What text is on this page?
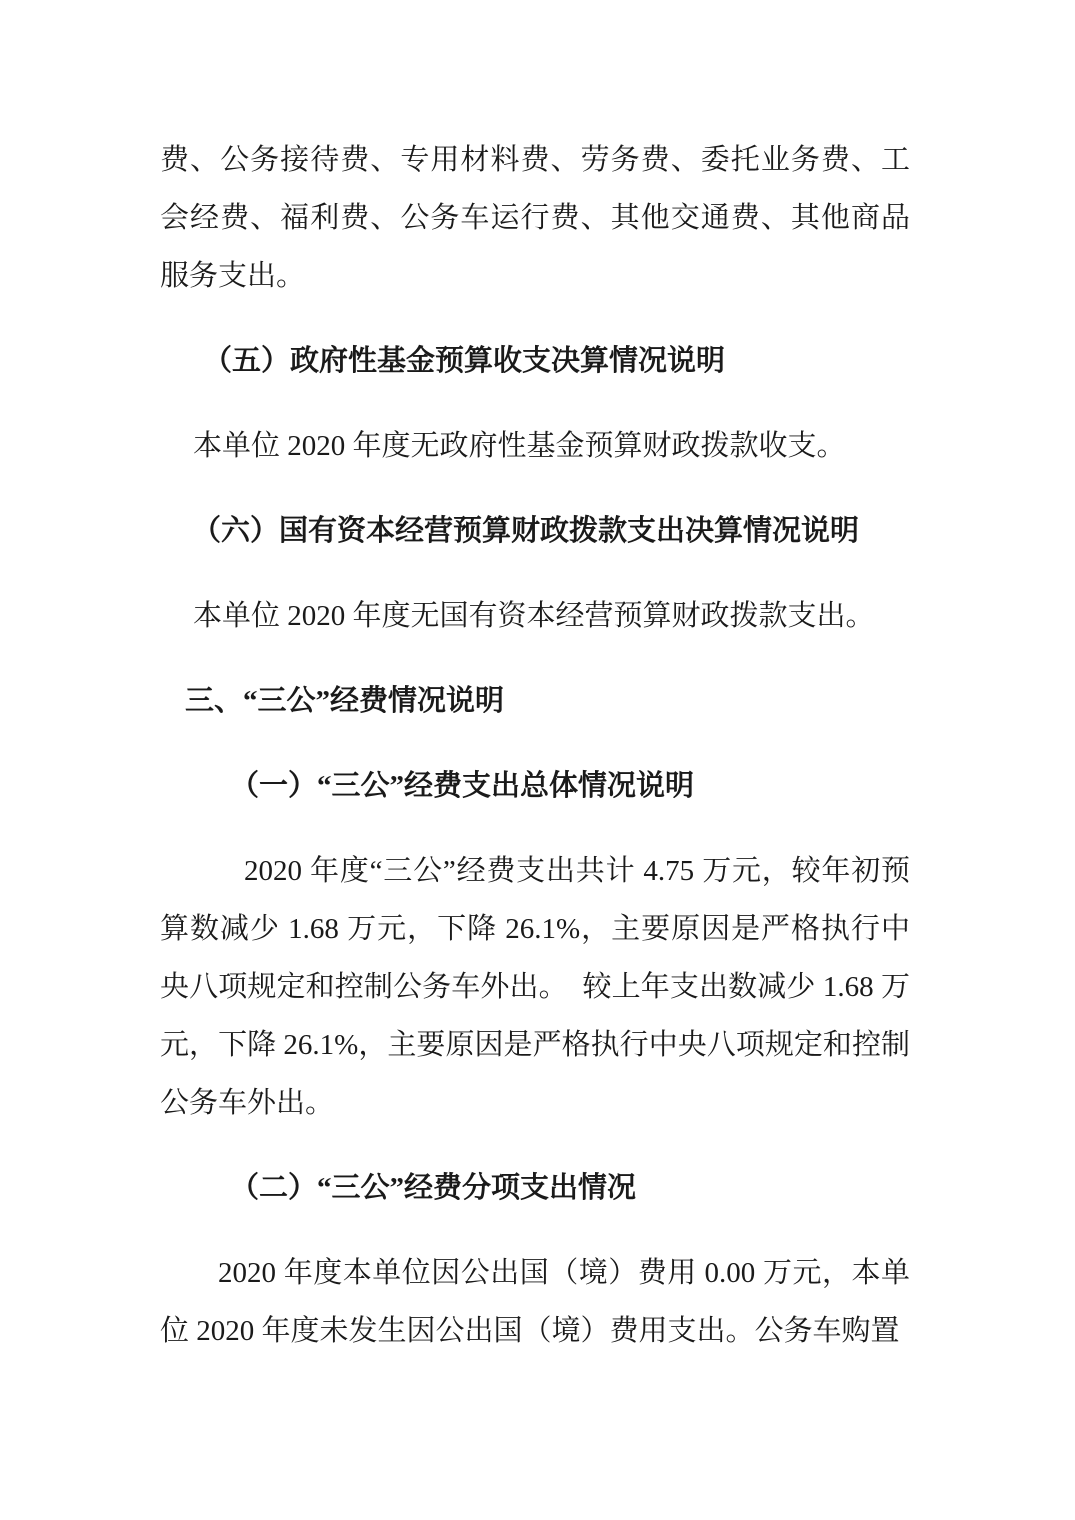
费、公务接待费、专用材料费、劳务费、委托业务费、工会经费、福利费、公务车运行费、其他交通费、其他商品服务支出。

（五）政府性基金预算收支决算情况说明

本单位 2020 年度无政府性基金预算财政拨款收支。

（六）国有资本经营预算财政拨款支出决算情况说明

本单位 2020 年度无国有资本经营预算财政拨款支出。

三、“三公”经费情况说明
（一）“三公”经费支出总体情况说明

2020 年度“三公”经费支出共计 4.75 万元，较年初预算数减少 1.68 万元，下降 26.1%，主要原因是严格执行中央八项规定和控制公务车外出。　较上年支出数减少 1.68 万元，下降 26.1%，主要原因是严格执行中央八项规定和控制公务车外出。

（二）“三公”经费分项支出情况

2020 年度本单位因公出国（境）费用 0.00 万元，本单位 2020 年度未发生因公出国（境）费用支出。公务车购置
